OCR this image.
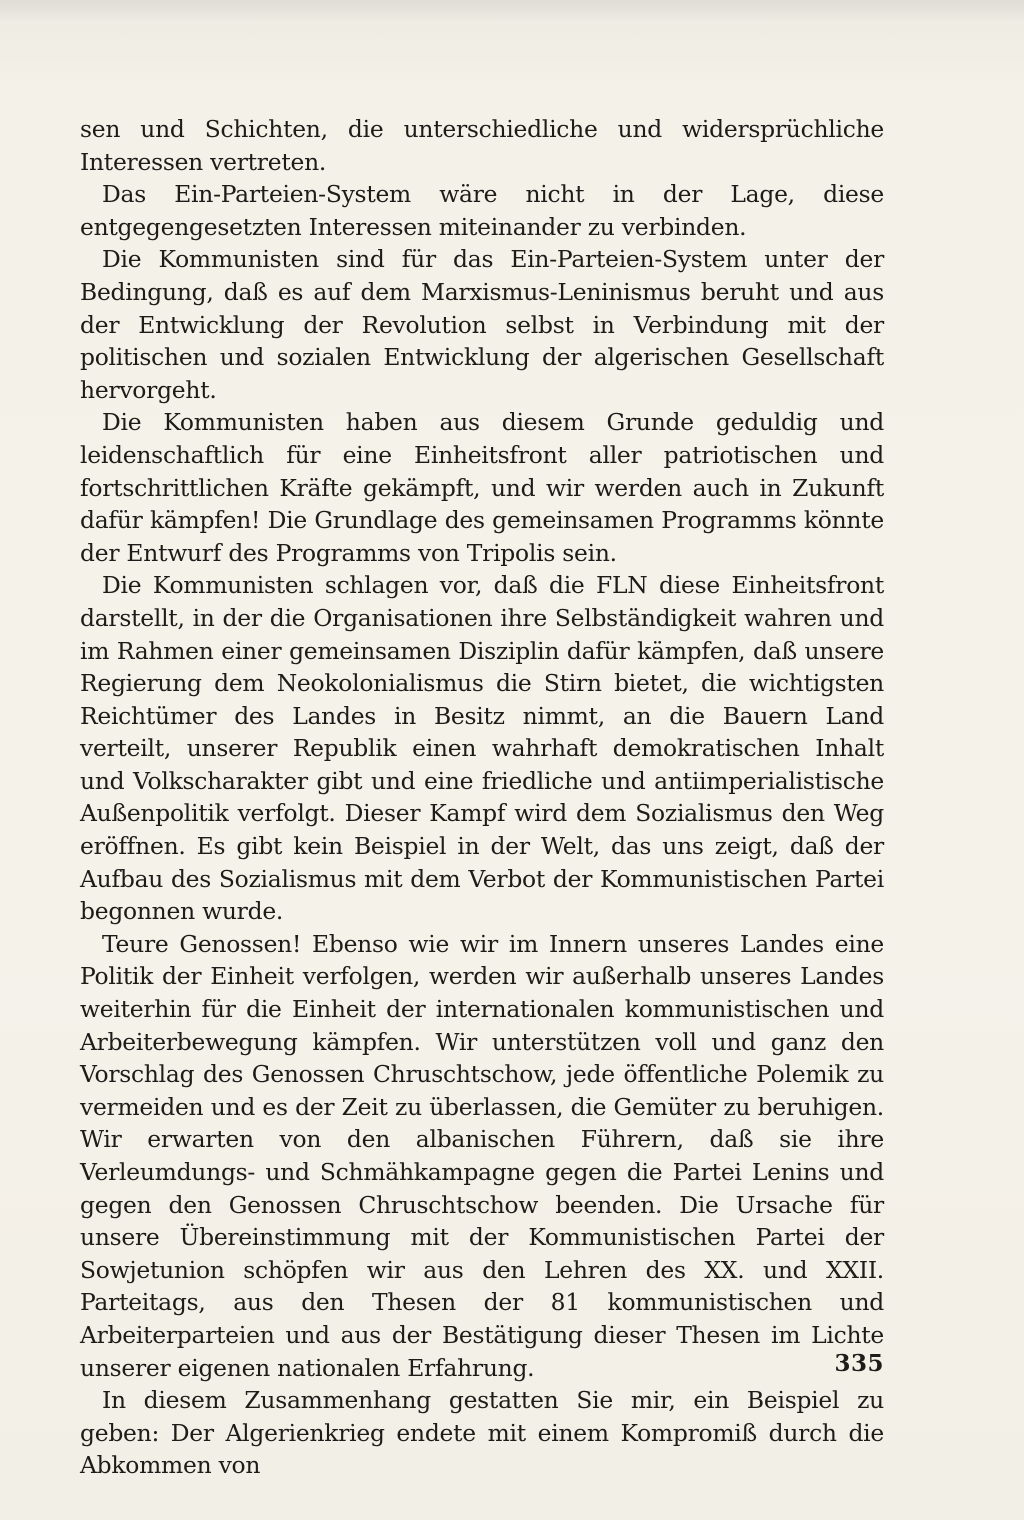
sen und Schichten, die unterschiedliche und widersprüchliche Interessen vertreten.

Das Ein-Parteien-System wäre nicht in der Lage, diese entgegengesetzten Interessen miteinander zu verbinden.

Die Kommunisten sind für das Ein-Parteien-System unter der Bedingung, daß es auf dem Marxismus-Leninismus beruht und aus der Entwicklung der Revolution selbst in Verbindung mit der politischen und sozialen Entwicklung der algerischen Gesellschaft hervorgeht.

Die Kommunisten haben aus diesem Grunde geduldig und leidenschaftlich für eine Einheitsfront aller patriotischen und fortschrittlichen Kräfte gekämpft, und wir werden auch in Zukunft dafür kämpfen! Die Grundlage des gemeinsamen Programms könnte der Entwurf des Programms von Tripolis sein.

Die Kommunisten schlagen vor, daß die FLN diese Einheitsfront darstellt, in der die Organisationen ihre Selbständigkeit wahren und im Rahmen einer gemeinsamen Disziplin dafür kämpfen, daß unsere Regierung dem Neokolonialismus die Stirn bietet, die wichtigsten Reichtümer des Landes in Besitz nimmt, an die Bauern Land verteilt, unserer Republik einen wahrhaft demokratischen Inhalt und Volkscharakter gibt und eine friedliche und antiimperialistische Außenpolitik verfolgt. Dieser Kampf wird dem Sozialismus den Weg eröffnen. Es gibt kein Beispiel in der Welt, das uns zeigt, daß der Aufbau des Sozialismus mit dem Verbot der Kommunistischen Partei begonnen wurde.

Teure Genossen! Ebenso wie wir im Innern unseres Landes eine Politik der Einheit verfolgen, werden wir außerhalb unseres Landes weiterhin für die Einheit der internationalen kommunistischen und Arbeiterbewegung kämpfen. Wir unterstützen voll und ganz den Vorschlag des Genossen Chruschtschow, jede öffentliche Polemik zu vermeiden und es der Zeit zu überlassen, die Gemüter zu beruhigen. Wir erwarten von den albanischen Führern, daß sie ihre Verleumdungs- und Schmähkampagne gegen die Partei Lenins und gegen den Genossen Chruschtschow beenden. Die Ursache für unsere Übereinstimmung mit der Kommunistischen Partei der Sowjetunion schöpfen wir aus den Lehren des XX. und XXII. Parteitags, aus den Thesen der 81 kommunistischen und Arbeiterparteien und aus der Bestätigung dieser Thesen im Lichte unserer eigenen nationalen Erfahrung.

In diesem Zusammenhang gestatten Sie mir, ein Beispiel zu geben: Der Algerienkrieg endete mit einem Kompromiß durch die Abkommen von

335
